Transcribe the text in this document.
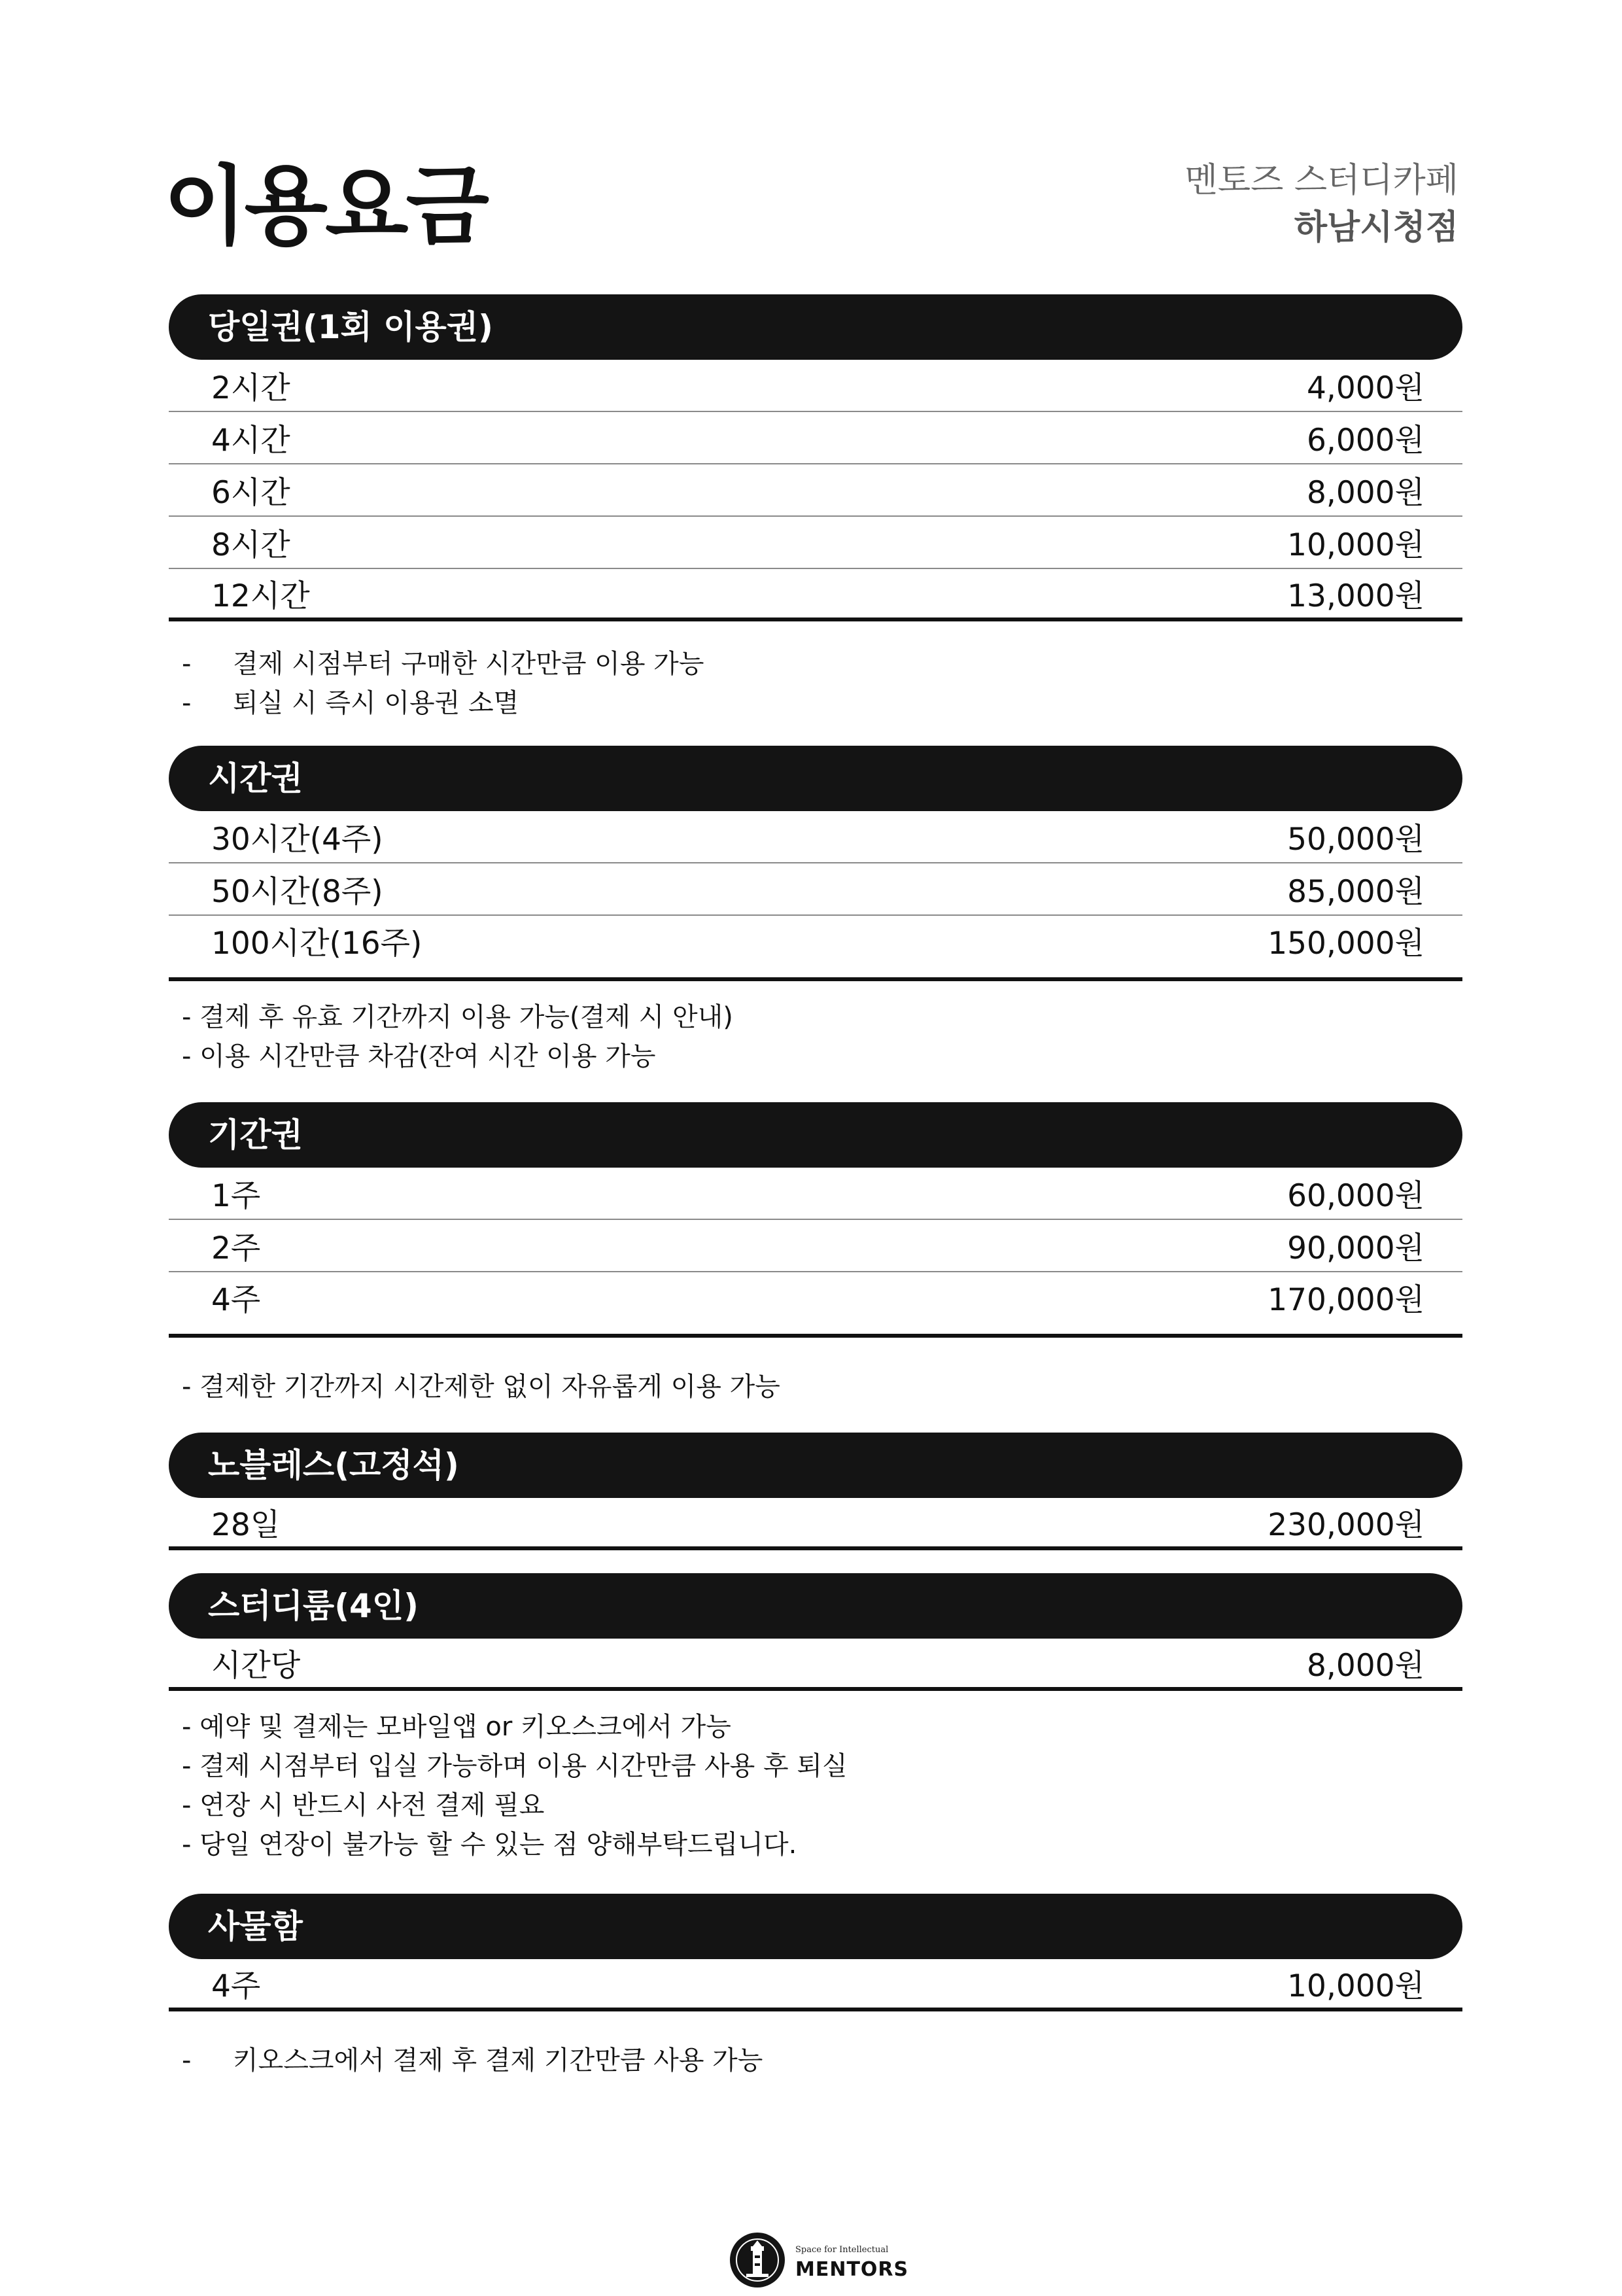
이용요금	멘토즈 스터디카페
하남시청점
당일권(1회 이용권)
2시간	4,000원
4시간	6,000원
6시간	8,000원
8시간	10,000원
12시간	13,000원
- 결제 시점부터 구매한 시간만큼 이용 가능
- 퇴실 시 즉시 이용권 소멸
시간권
30시간(4주)	50,000원
50시간(8주)	85,000원
100시간(16주)	150,000원
- 결제 후 유효 기간까지 이용 가능(결제 시 안내)
- 이용 시간만큼 차감(잔여 시간 이용 가능
기간권
1주	60,000원
2주	90,000원
4주	170,000원
- 결제한 기간까지 시간제한 없이 자유롭게 이용 가능
노블레스(고정석)
28일	230,000원
스터디룸(4인)
시간당	8,000원
- 예약 및 결제는 모바일앱 or 키오스크에서 가능
- 결제 시점부터 입실 가능하며 이용 시간만큼 사용 후 퇴실
- 연장 시 반드시 사전 결제 필요
- 당일 연장이 불가능 할 수 있는 점 양해부탁드립니다.
사물함
4주	10,000원
- 키오스크에서 결제 후 결제 기간만큼 사용 가능
Space for Intellectual
MENTORS
